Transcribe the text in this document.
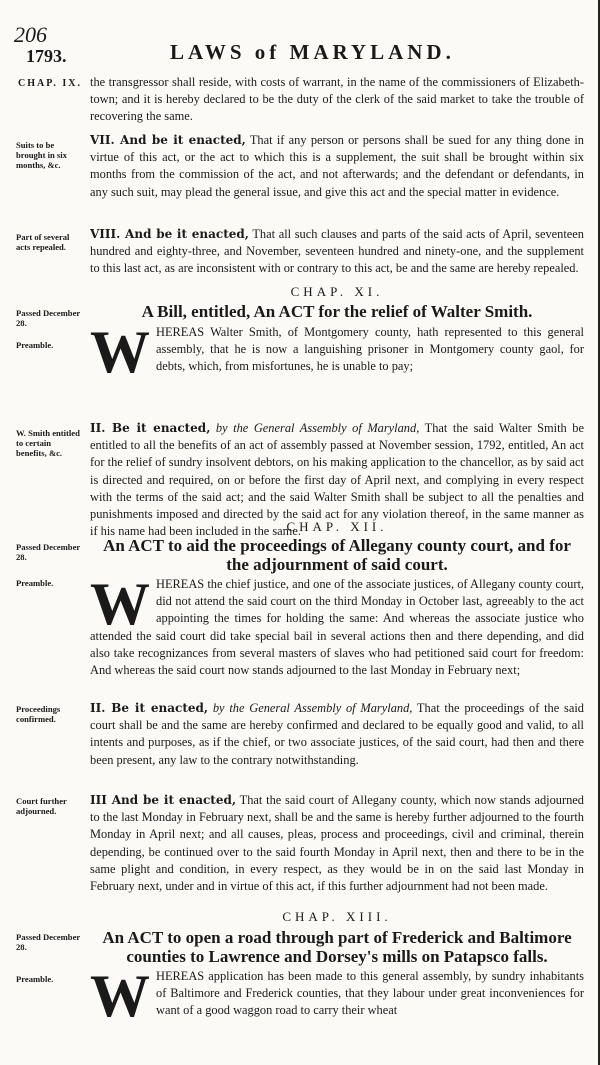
206
1793.	LAWS of MARYLAND.
CHAP. IX.
Suits to be brought in six months, &c.
Part of several acts repealed.
Passed December 28.
Preamble.
W. Smith entitled to certain benefits, &c.
Passed December 28.
Preamble.
Proceedings confirmed.
Court further adjourned.
Passed December 28.
Preamble.
the transgressor shall reside, with costs of warrant, in the name of the commissioners of Elizabeth-town; and it is hereby declared to be the duty of the clerk of the said market to take the trouble of recovering the same.
VII. And be it enacted, That if any person or persons shall be sued for any thing done in virtue of this act, or the act to which this is a supplement, the suit shall be brought within six months from the commission of the act, and not afterwards; and the defendant or defendants, in any such suit, may plead the general issue, and give this act and the special matter in evidence.
VIII. And be it enacted, That all such clauses and parts of the said acts of April, seventeen hundred and eighty-three, and November, seventeen hundred and ninety-one, and the supplement to this last act, as are inconsistent with or contrary to this act, be and the same are hereby repealed.
CHAP. XI.
A Bill, entitled, An ACT for the relief of Walter Smith.
WHEREAS Walter Smith, of Montgomery county, hath represented to this general assembly, that he is now a languishing prisoner in Montgomery county gaol, for debts, which, from misfortunes, he is unable to pay;
II. Be it enacted, by the General Assembly of Maryland, That the said Walter Smith be entitled to all the benefits of an act of assembly passed at November session, 1792, entitled, An act for the relief of sundry insolvent debtors, on his making application to the chancellor, as by said act is directed and required, on or before the first day of April next, and complying in every respect with the terms of the said act; and the said Walter Smith shall be subject to all the penalties and punishments imposed and directed by the said act for any violation thereof, in the same manner as if his name had been included in the same.
CHAP. XII.
An ACT to aid the proceedings of Allegany county court, and for the adjournment of said court.
WHEREAS the chief justice, and one of the associate justices, of Allegany county court, did not attend the said court on the third Monday in October last, agreeably to the act appointing the times for holding the same: And whereas the associate justice who attended the said court did take special bail in several actions then and there depending, and did also take recognizances from several masters of slaves who had petitioned said court for freedom: And whereas the said court now stands adjourned to the last Monday in February next;
II. Be it enacted, by the General Assembly of Maryland, That the proceedings of the said court shall be and the same are hereby confirmed and declared to be equally good and valid, to all intents and purposes, as if the chief, or two associate justices, of the said court, had then and there been present, any law to the contrary notwithstanding.
III And be it enacted, That the said court of Allegany county, which now stands adjourned to the last Monday in February next, shall be and the same is hereby further adjourned to the fourth Monday in April next; and all causes, pleas, process and proceedings, civil and criminal, therein depending, be continued over to the said fourth Monday in April next, then and there to be in the same plight and condition, in every respect, as they would be in on the said last Monday in February next, under and in virtue of this act, if this further adjournment had not been made.
CHAP. XIII.
An ACT to open a road through part of Frederick and Baltimore counties to Lawrence and Dorsey's mills on Patapsco falls.
WHEREAS application has been made to this general assembly, by sundry inhabitants of Baltimore and Frederick counties, that they labour under great inconveniences for want of a good waggon road to carry their wheat
